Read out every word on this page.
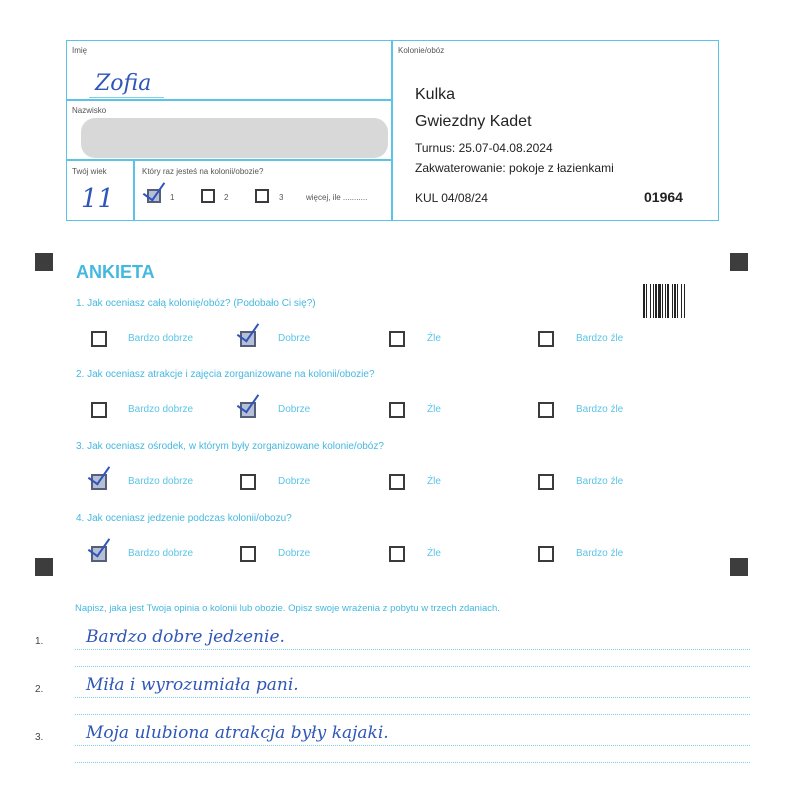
Imię
Zofia
Nazwisko
Twój wiek
11
Który raz jesteś na kolonii/obozie?
1	2	3	więcej, ile ...........
Kolonie/obóz
Kulka
Gwiezdny Kadet
Turnus: 25.07-04.08.2024
Zakwaterowanie: pokoje z łazienkami
KUL 04/08/24	01964
ANKIETA
1. Jak oceniasz całą kolonię/obóz? (Podobało Ci się?)
Bardzo dobrze	Dobrze	Źle	Bardzo źle
2. Jak oceniasz atrakcje i zajęcia zorganizowane na kolonii/obozie?
Bardzo dobrze	Dobrze	Źle	Bardzo źle
3. Jak oceniasz ośrodek, w którym były zorganizowane kolonie/obóz?
Bardzo dobrze	Dobrze	Źle	Bardzo źle
4. Jak oceniasz jedzenie podczas kolonii/obozu?
Bardzo dobrze	Dobrze	Źle	Bardzo źle
Napisz, jaka jest Twoja opinia o kolonii lub obozie. Opisz swoje wrażenia z pobytu w trzech zdaniach.
1.	Bardzo dobre jedzenie.
2.	Miła i wyrozumiała pani.
3.	Moja ulubiona atrakcja były kajaki.
